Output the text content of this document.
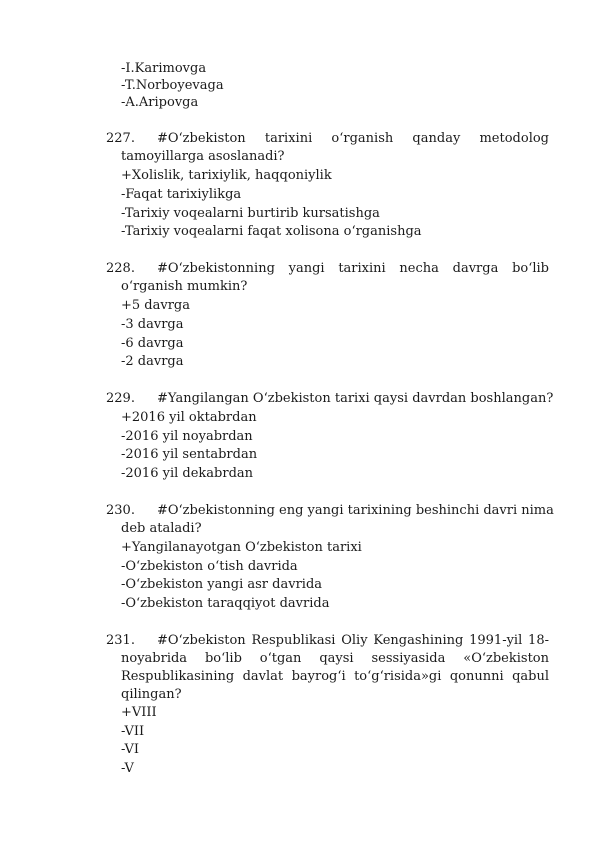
-I.Karimovga
-T.Norboyevaga
-A.Aripovga
227. #O‘zbekiston tarixini o‘rganish qanday metodolog
tamoyillarga asoslanadi?
+Xolislik, tarixiylik, haqqoniylik
-Faqat tarixiylikga
-Tarixiy voqealarni burtirib kursatishga
-Tarixiy voqealarni faqat xolisona o‘rganishga
228. #O‘zbekistonning yangi tarixini necha davrga bo‘lib
o‘rganish mumkin?
+5 davrga
-3 davrga
-6 davrga
-2 davrga
229. #Yangilangan O‘zbekiston tarixi qaysi davrdan boshlangan?
+2016 yil oktabrdan
-2016 yil noyabrdan
-2016 yil sentabrdan
-2016 yil dekabrdan
230. #O‘zbekistonning eng yangi tarixining beshinchi davri nima
deb ataladi?
+Yangilanayotgan O‘zbekiston tarixi
-O‘zbekiston o‘tish davrida
-O‘zbekiston yangi asr davrida
-O‘zbekiston taraqqiyot davrida
231. #O‘zbekiston Respublikasi Oliy Kengashining 1991-yil 18-
noyabrida bo‘lib o‘tgan qaysi sessiyasida «O‘zbekiston
Respublikasining davlat bayrog‘i to‘g‘risida»gi qonunni qabul
qilingan?
+VIII
-VII
-VI
-V
